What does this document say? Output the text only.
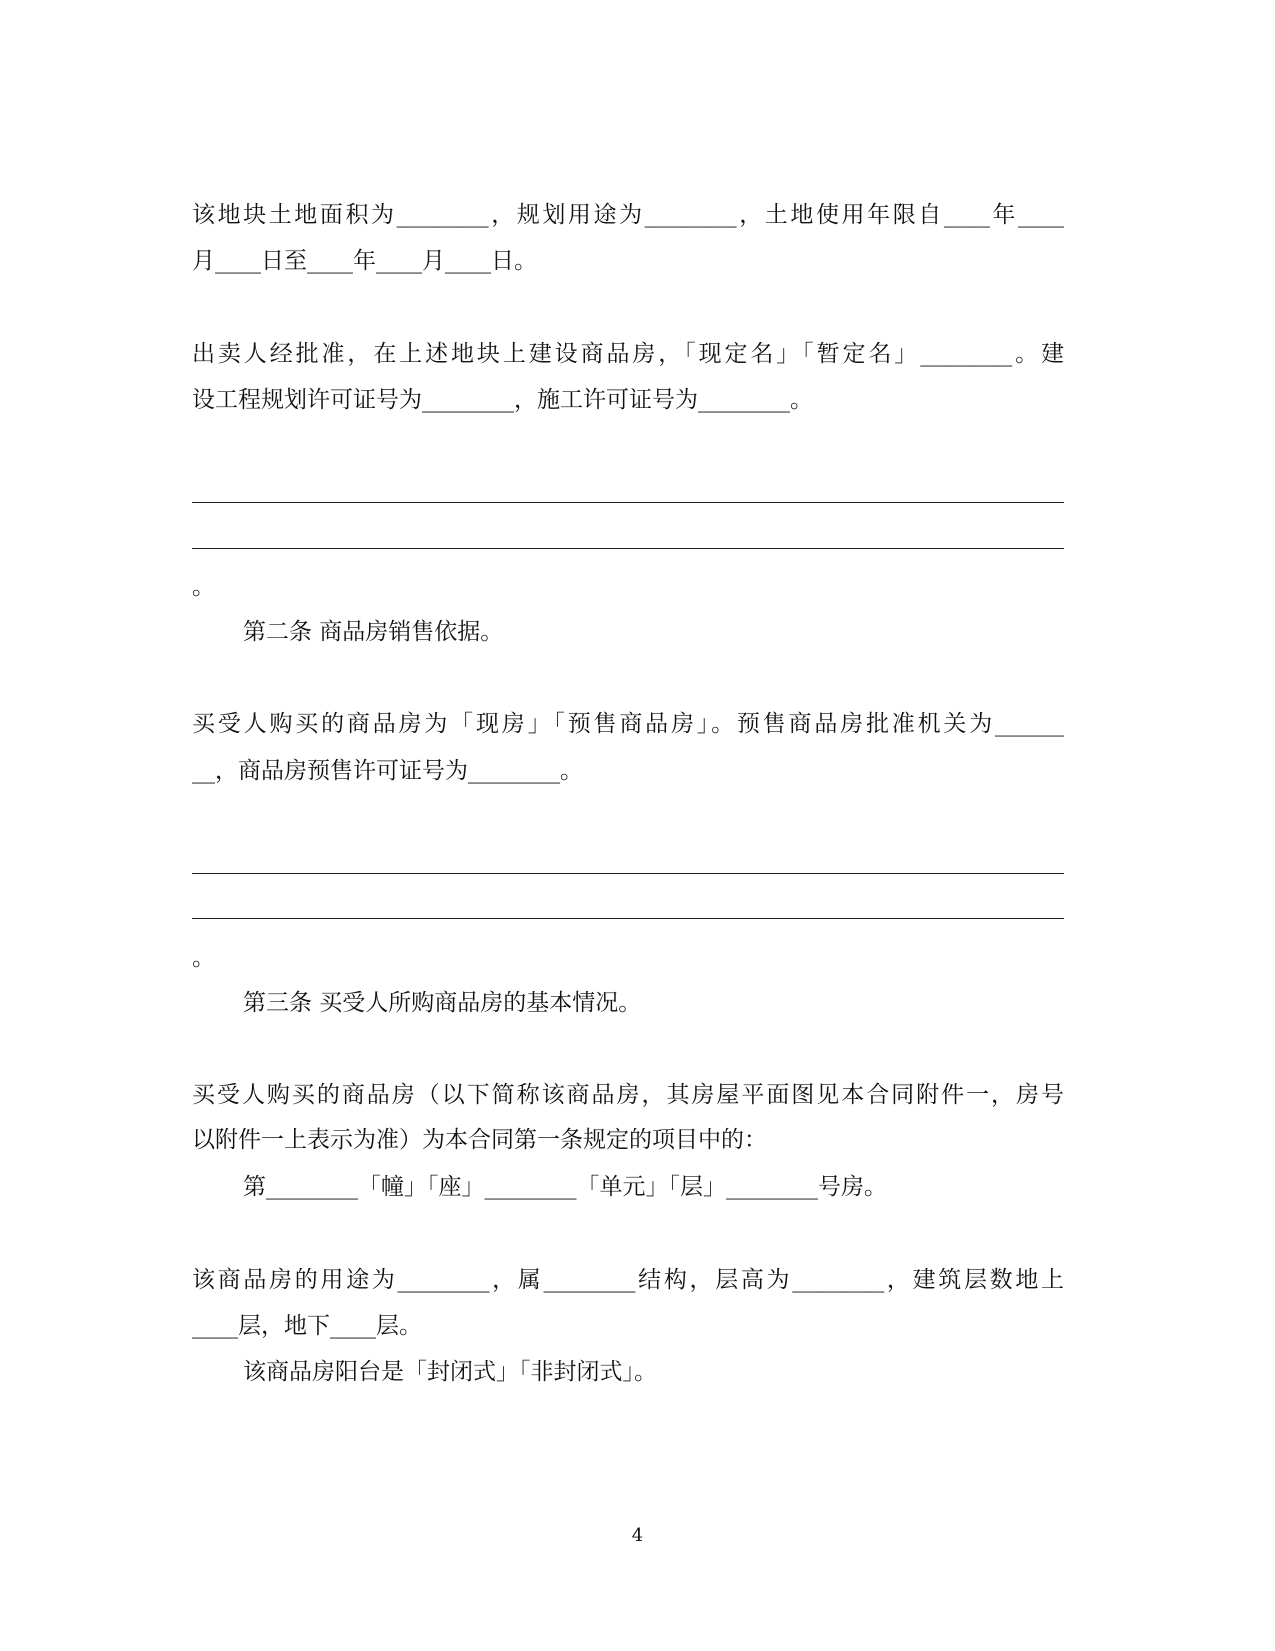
该地块土地面积为________，规划用途为________，土地使用年限自____年____
月____日至____年____月____日。
出卖人经批准，在上述地块上建设商品房，「现定名」「暂定名」________。建
设工程规划许可证号为________，施工许可证号为________。
。
第二条 商品房销售依据。
买受人购买的商品房为「现房」「预售商品房」。预售商品房批准机关为______
__，商品房预售许可证号为________。
。
第三条 买受人所购商品房的基本情况。
买受人购买的商品房（以下简称该商品房，其房屋平面图见本合同附件一，房号
以附件一上表示为准）为本合同第一条规定的项目中的：
第________「幢」「座」________「单元」「层」________号房。
该商品房的用途为________，属________结构，层高为________，建筑层数地上
____层，地下____层。
该商品房阳台是「封闭式」「非封闭式」。
4
